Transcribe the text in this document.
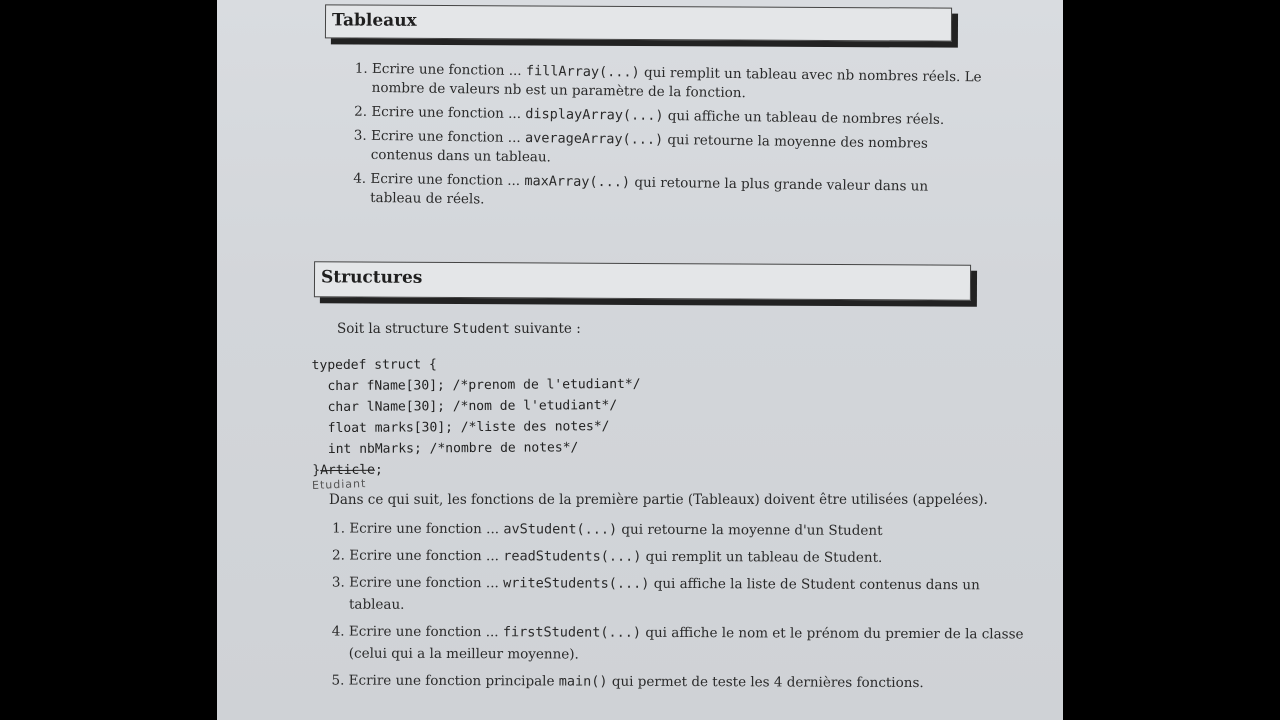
Tableaux
1. Ecrire une fonction ... fillArray(...) qui remplit un tableau avec nb nombres réels. Le nombre de valeurs nb est un paramètre de la fonction.
2. Ecrire une fonction ... displayArray(...) qui affiche un tableau de nombres réels.
3. Ecrire une fonction ... averageArray(...) qui retourne la moyenne des nombres contenus dans un tableau.
4. Ecrire une fonction ... maxArray(...) qui retourne la plus grande valeur dans un tableau de réels.
Structures
Soit la structure Student suivante :
typedef struct {
char fName[30]; /*prenom de l'etudiant*/
char lName[30]; /*nom de l'etudiant*/
float marks[30]; /*liste des notes*/
int nbMarks; /*nombre de notes*/
}Article;
Etudiant
Dans ce qui suit, les fonctions de la première partie (Tableaux) doivent être utilisées (appelées).
1. Ecrire une fonction ... avStudent(...) qui retourne la moyenne d'un Student
2. Ecrire une fonction ... readStudents(...) qui remplit un tableau de Student.
3. Ecrire une fonction ... writeStudents(...) qui affiche la liste de Student contenus dans un tableau.
4. Ecrire une fonction ... firstStudent(...) qui affiche le nom et le prénom du premier de la classe (celui qui a la meilleur moyenne).
5. Ecrire une fonction principale main() qui permet de teste les 4 dernières fonctions.
